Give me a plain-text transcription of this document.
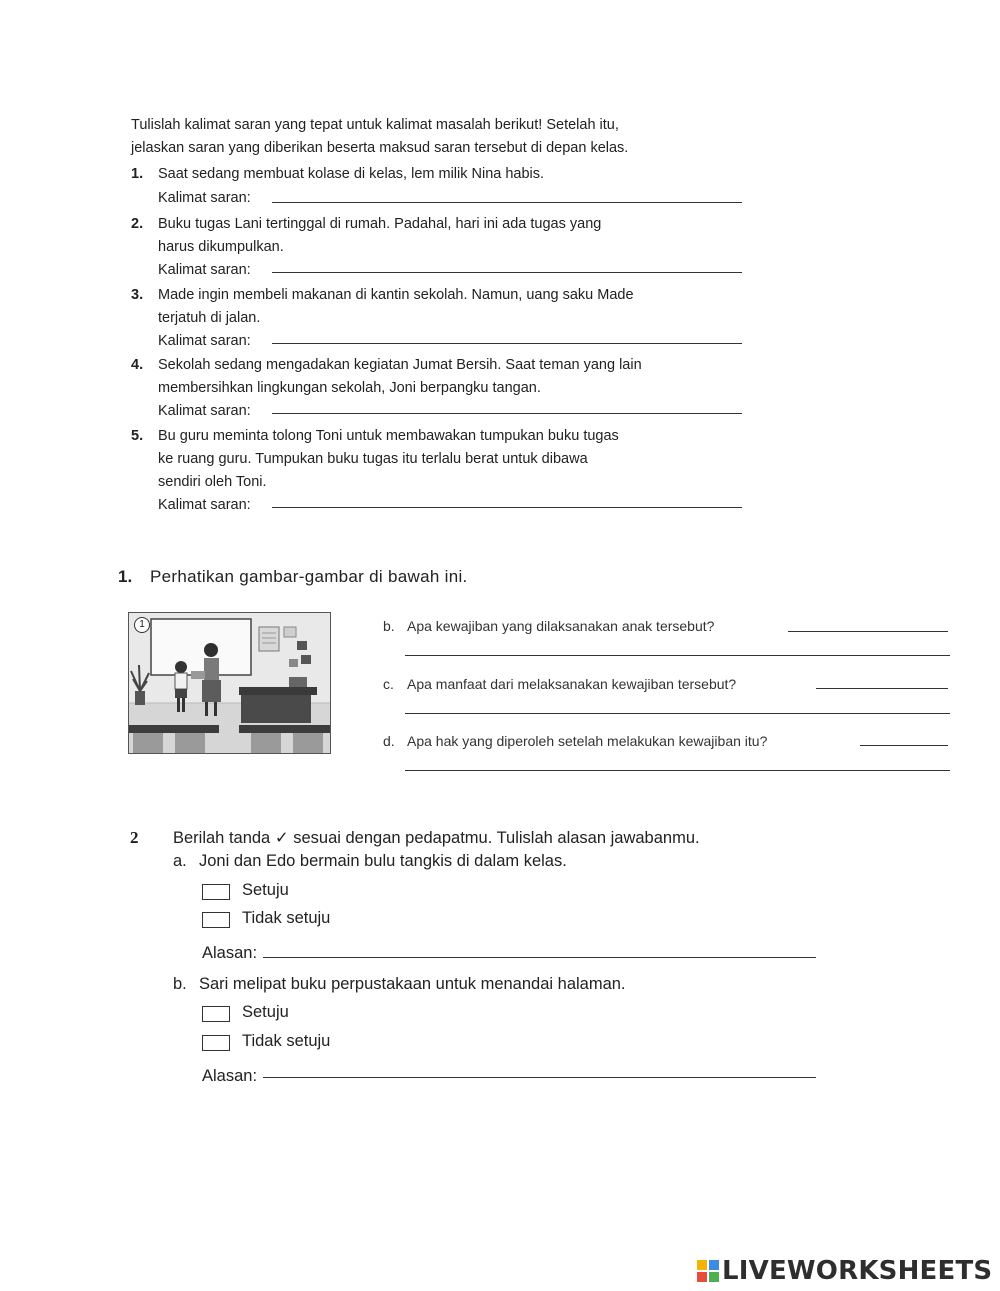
Tulislah kalimat saran yang tepat untuk kalimat masalah berikut! Setelah itu,
jelaskan saran yang diberikan beserta maksud saran tersebut di depan kelas.
1. Saat sedang membuat kolase di kelas, lem milik Nina habis.
Kalimat saran:
2. Buku tugas Lani tertinggal di rumah. Padahal, hari ini ada tugas yang
harus dikumpulkan.
Kalimat saran:
3. Made ingin membeli makanan di kantin sekolah. Namun, uang saku Made
terjatuh di jalan.
Kalimat saran:
4. Sekolah sedang mengadakan kegiatan Jumat Bersih. Saat teman yang lain
membersihkan lingkungan sekolah, Joni berpangku tangan.
Kalimat saran:
5. Bu guru meminta tolong Toni untuk membawakan tumpukan buku tugas
ke ruang guru. Tumpukan buku tugas itu terlalu berat untuk dibawa
sendiri oleh Toni.
Kalimat saran:
1. Perhatikan gambar-gambar di bawah ini.
1	b. Apa kewajiban yang dilaksanakan anak tersebut?
c. Apa manfaat dari melaksanakan kewajiban tersebut?
d. Apa hak yang diperoleh setelah melakukan kewajiban itu?
2 Berilah tanda ✓ sesuai dengan pedapatmu. Tulislah alasan jawabanmu.
a. Joni dan Edo bermain bulu tangkis di dalam kelas.
Setuju
Tidak setuju
Alasan:
b. Sari melipat buku perpustakaan untuk menandai halaman.
Setuju
Tidak setuju
Alasan:
LIVEWORKSHEETS
